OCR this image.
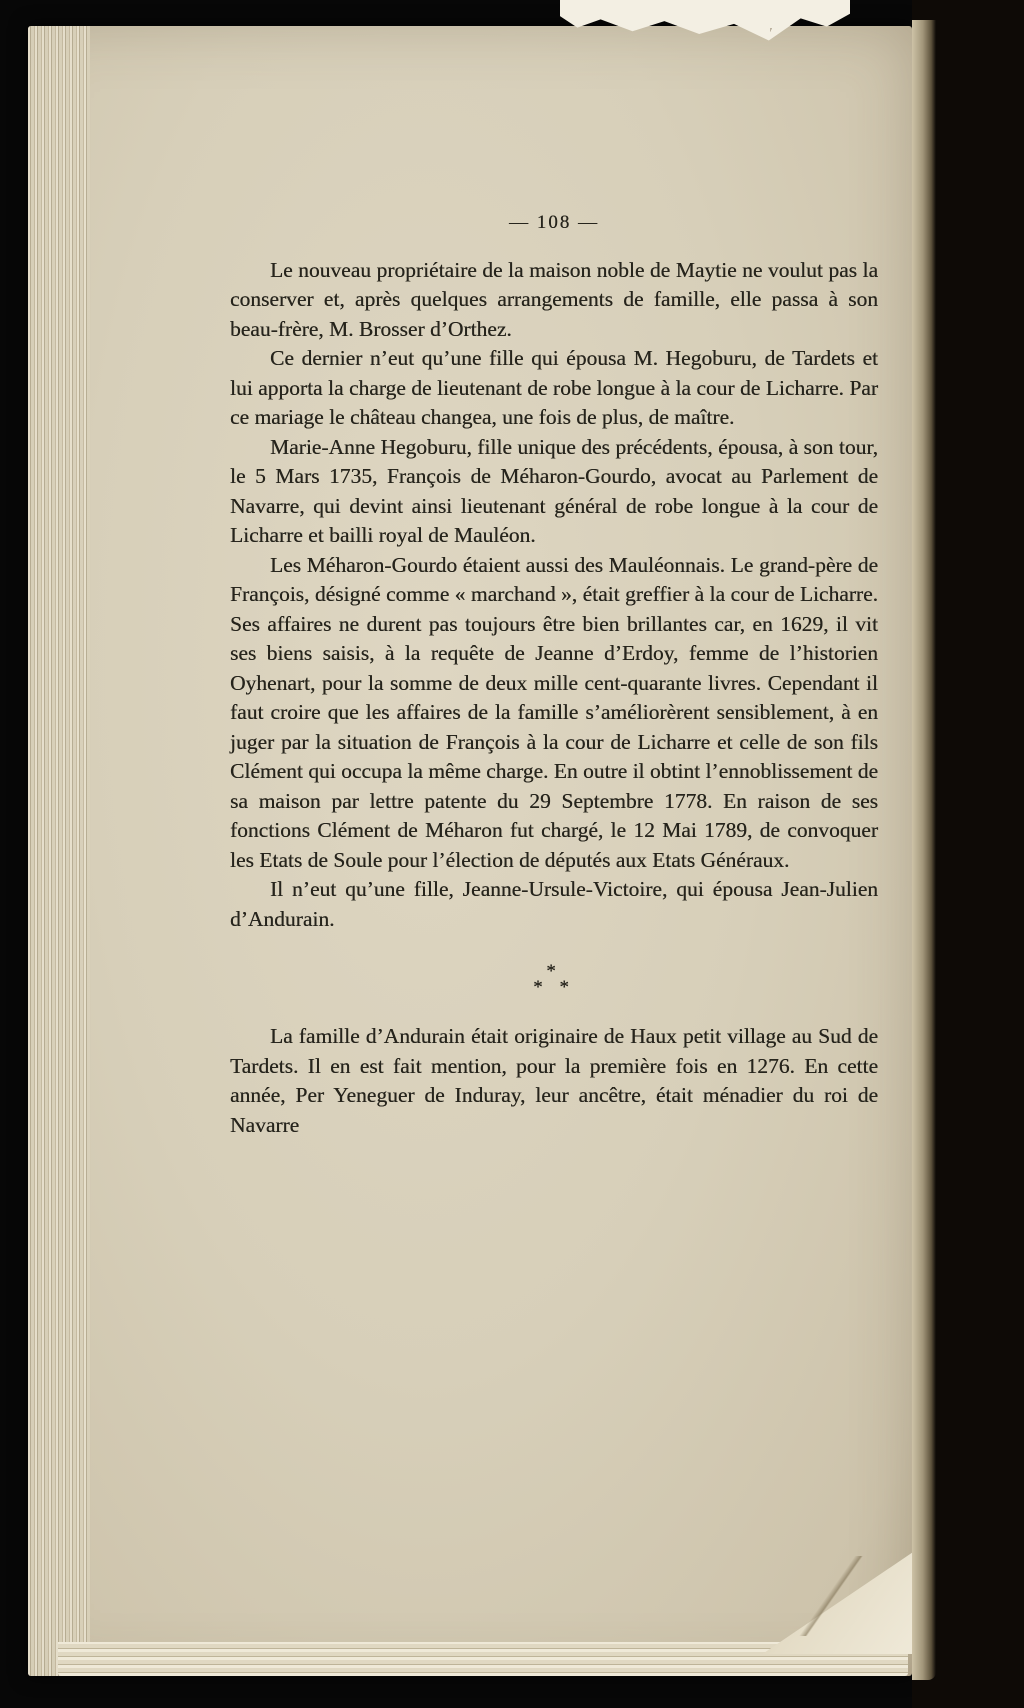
— 108 —

Le nouveau propriétaire de la maison noble de Maytie ne voulut pas la conserver et, après quelques arrangements de famille, elle passa à son beau-frère, M. Brosser d’Orthez.

Ce dernier n’eut qu’une fille qui épousa M. Hegoburu, de Tardets et lui apporta la charge de lieutenant de robe longue à la cour de Licharre. Par ce mariage le château changea, une fois de plus, de maître.

Marie-Anne Hegoburu, fille unique des précédents, épousa, à son tour, le 5 Mars 1735, François de Méharon-Gourdo, avocat au Parlement de Navarre, qui devint ainsi lieutenant général de robe longue à la cour de Licharre et bailli royal de Mauléon.

Les Méharon-Gourdo étaient aussi des Mauléonnais. Le grand-père de François, désigné comme « marchand », était greffier à la cour de Licharre. Ses affaires ne durent pas toujours être bien brillantes car, en 1629, il vit ses biens saisis, à la requête de Jeanne d’Erdoy, femme de l’historien Oyhenart, pour la somme de deux mille cent-quarante livres. Cependant il faut croire que les affaires de la famille s’améliorèrent sensiblement, à en juger par la situation de François à la cour de Licharre et celle de son fils Clément qui occupa la même charge. En outre il obtint l’ennoblissement de sa maison par lettre patente du 29 Septembre 1778. En raison de ses fonctions Clément de Méharon fut chargé, le 12 Mai 1789, de convoquer les Etats de Soule pour l’élection de députés aux Etats Généraux.

Il n’eut qu’une fille, Jeanne-Ursule-Victoire, qui épousa Jean-Julien d’Andurain.

*
* *

La famille d’Andurain était originaire de Haux petit village au Sud de Tardets. Il en est fait mention, pour la première fois en 1276. En cette année, Per Yeneguer de Induray, leur ancêtre, était ménadier du roi de Navarre
